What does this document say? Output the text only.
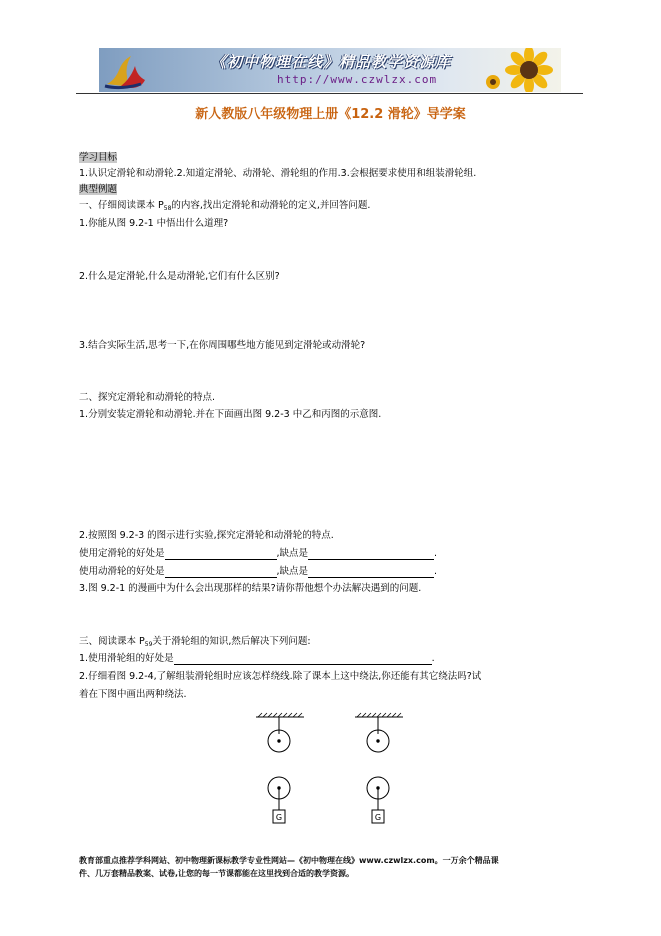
《初中物理在线》精品教学资源库
http://www.czwlzx.com
新人教版八年级物理上册《12.2 滑轮》导学案
学习目标
1.认识定滑轮和动滑轮.2.知道定滑轮、动滑轮、滑轮组的作用.3.会根据要求使用和组装滑轮组.
典型例题
一、仔细阅读课本 $P_{58}$的内容,找出定滑轮和动滑轮的定义,并回答问题.
1.你能从图 9.2-1 中悟出什么道理?
2.什么是定滑轮,什么是动滑轮,它们有什么区别?
3.结合实际生活,思考一下,在你周围哪些地方能见到定滑轮或动滑轮?
二、探究定滑轮和动滑轮的特点.
1.分别安装定滑轮和动滑轮.并在下面画出图 9.2-3 中乙和丙图的示意图.
2.按照图 9.2-3 的图示进行实验,探究定滑轮和动滑轮的特点.
使用定滑轮的好处是	,缺点是	.
使用动滑轮的好处是	,缺点是	.
3.图 9.2-1 的漫画中为什么会出现那样的结果?请你帮他想个办法解决遇到的问题.
三、阅读课本 $P_{59}$关于滑轮组的知识,然后解决下列问题:
1.使用滑轮组的好处是	.
2.仔细看图 9.2-4,了解组装滑轮组时应该怎样绕线.除了课本上这中绕法,你还能有其它绕法吗?试
着在下图中画出两种绕法.
G	G
教育部重点推荐学科网站、初中物理新课标教学专业性网站—《初中物理在线》www.czwlzx.com。一万余个精品课
件、几万套精品教案、试卷,让您的每一节课都能在这里找到合适的教学资源。
